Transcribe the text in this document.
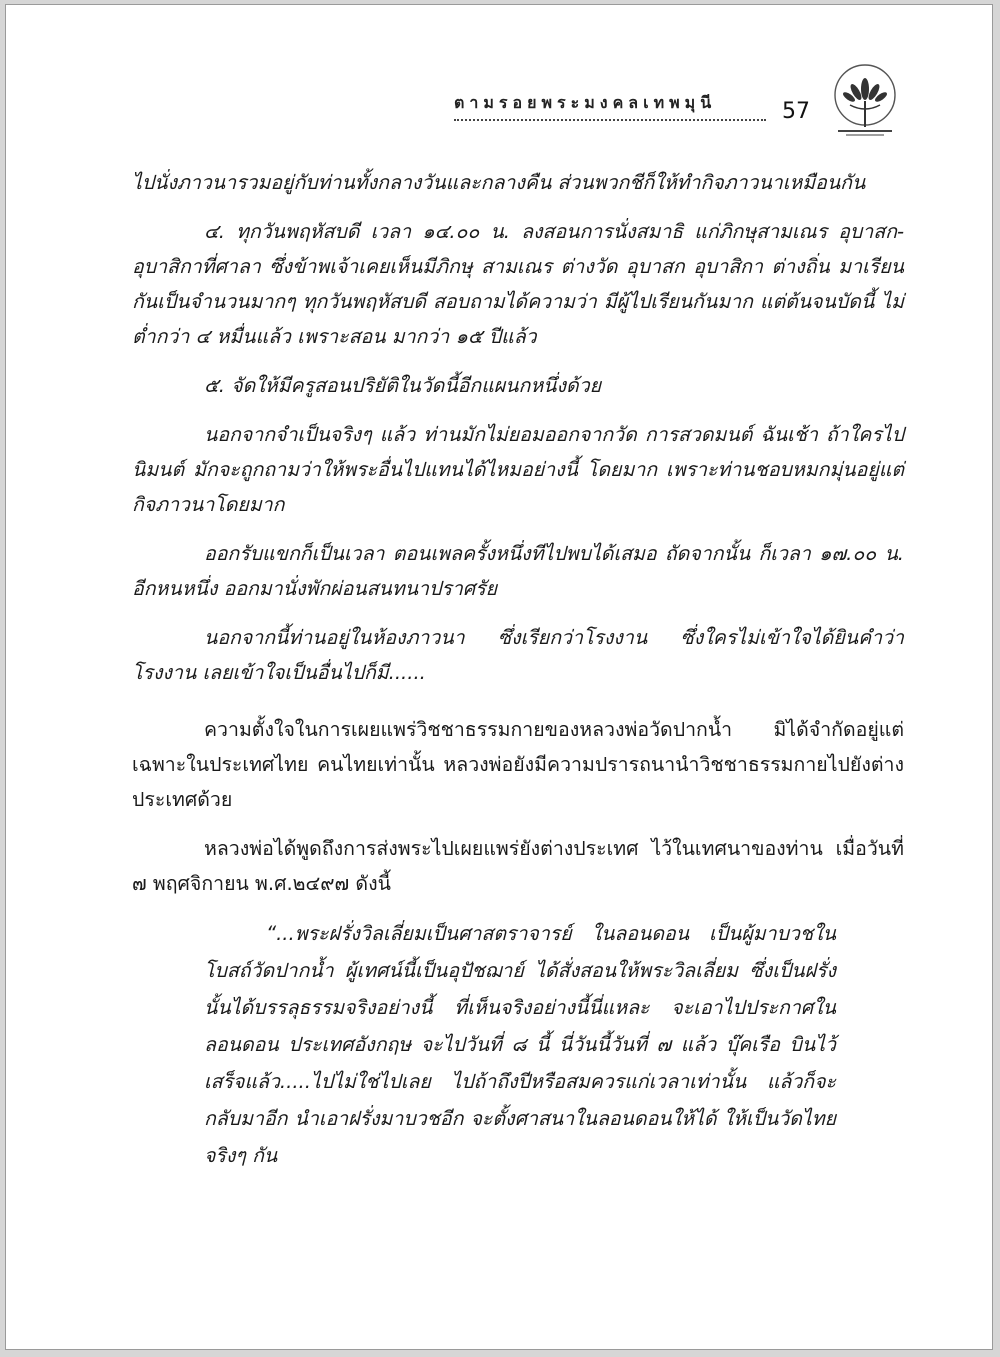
ตามรอยพระมงคลเทพมุนี	57

ไปนั่งภาวนารวมอยู่กับท่านทั้งกลางวันและกลางคืน ส่วนพวกชีก็ให้ทำกิจภาวนาเหมือนกัน

๔. ทุกวันพฤหัสบดี เวลา ๑๔.๐๐ น. ลงสอนการนั่งสมาธิ แก่ภิกษุสามเณร อุบาสก-อุบาสิกาที่ศาลา ซึ่งข้าพเจ้าเคยเห็นมีภิกษุ สามเณร ต่างวัด อุบาสก อุบาสิกา ต่างถิ่น มาเรียนกันเป็นจำนวนมากๆ ทุกวันพฤหัสบดี สอบถามได้ความว่า มีผู้ไปเรียนกันมาก แต่ต้นจนบัดนี้ ไม่ต่ำกว่า ๔ หมื่นแล้ว เพราะสอน มากว่า ๑๕ ปีแล้ว

๕. จัดให้มีครูสอนปริยัติในวัดนี้อีกแผนกหนึ่งด้วย

นอกจากจำเป็นจริงๆ แล้ว ท่านมักไม่ยอมออกจากวัด การสวดมนต์ ฉันเช้า ถ้าใครไปนิมนต์ มักจะถูกถามว่าให้พระอื่นไปแทนได้ไหมอย่างนี้ โดยมาก เพราะท่านชอบหมกมุ่นอยู่แต่กิจภาวนาโดยมาก

ออกรับแขกก็เป็นเวลา ตอนเพลครั้งหนึ่งทีไปพบได้เสมอ ถัดจากนั้น ก็เวลา ๑๗.๐๐ น. อีกหนหนึ่ง ออกมานั่งพักผ่อนสนทนาปราศรัย

นอกจากนี้ท่านอยู่ในห้องภาวนา ซึ่งเรียกว่าโรงงาน ซึ่งใครไม่เข้าใจได้ยินคำว่าโรงงาน เลยเข้าใจเป็นอื่นไปก็มี......

ความตั้งใจในการเผยแพร่วิชชาธรรมกายของหลวงพ่อวัดปากน้ำ มิได้จำกัดอยู่แต่เฉพาะในประเทศไทย คนไทยเท่านั้น หลวงพ่อยังมีความปรารถนานำวิชชาธรรมกายไปยังต่างประเทศด้วย

หลวงพ่อได้พูดถึงการส่งพระไปเผยแพร่ยังต่างประเทศ ไว้ในเทศนาของท่าน เมื่อวันที่ ๗ พฤศจิกายน พ.ศ.๒๔๙๗ ดังนี้

“...พระฝรั่งวิลเลี่ยมเป็นศาสตราจารย์ ในลอนดอน เป็นผู้มาบวชในโบสถ์วัดปากน้ำ ผู้เทศน์นี้เป็นอุปัชฌาย์ ได้สั่งสอนให้พระวิลเลี่ยม ซึ่งเป็นฝรั่งนั้นได้บรรลุธรรมจริงอย่างนี้ ที่เห็นจริงอย่างนี้นี่แหละ จะเอาไปประกาศในลอนดอน ประเทศอังกฤษ จะไปวันที่ ๘ นี้ นี่วันนี้วันที่ ๗ แล้ว บุ๊คเรือ บินไว้เสร็จแล้ว.....ไปไม่ใช่ไปเลย ไปถ้าถึงปีหรือสมควรแก่เวลาเท่านั้น แล้วก็จะกลับมาอีก นำเอาฝรั่งมาบวชอีก จะตั้งศาสนาในลอนดอนให้ได้ ให้เป็นวัดไทยจริงๆ กัน
